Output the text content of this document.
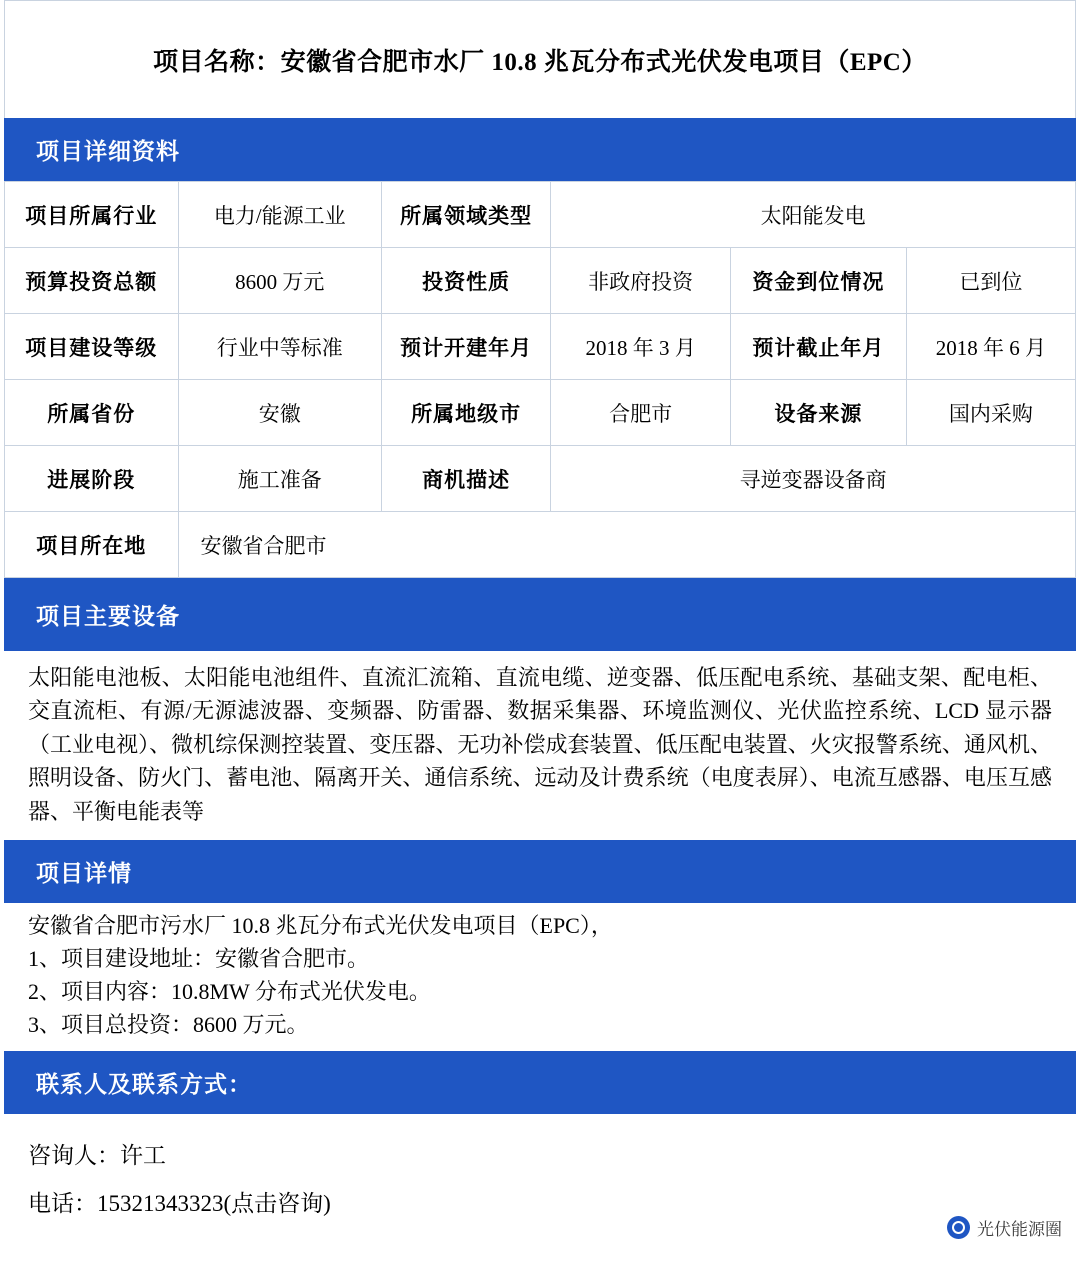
项目名称：安徽省合肥市水厂 10.8 兆瓦分布式光伏发电项目（EPC）
项目详细资料
项目所属行业	电力/能源工业	所属领域类型	太阳能发电		
预算投资总额	8600 万元	投资性质	非政府投资	资金到位情况	已到位
项目建设等级	行业中等标准	预计开建年月	2018 年 3 月	预计截止年月	2018 年 6 月
所属省份	安徽	所属地级市	合肥市	设备来源	国内采购
进展阶段	施工准备	商机描述	寻逆变器设备商		
项目所在地	安徽省合肥市				
项目主要设备
太阳能电池板、太阳能电池组件、直流汇流箱、直流电缆、逆变器、低压配电系统、基础支架、配电柜、交直流柜、有源/无源滤波器、变频器、防雷器、数据采集器、环境监测仪、光伏监控系统、LCD 显示器（工业电视）、微机综保测控装置、变压器、无功补偿成套装置、低压配电装置、火灾报警系统、通风机、照明设备、防火门、蓄电池、隔离开关、通信系统、远动及计费系统（电度表屏）、电流互感器、电压互感器、平衡电能表等
项目详情
安徽省合肥市污水厂 10.8 兆瓦分布式光伏发电项目（EPC），
1、项目建设地址：安徽省合肥市。
2、项目内容：10.8MW 分布式光伏发电。
3、项目总投资：8600 万元。
联系人及联系方式：
咨询人：许工
电话：15321343323(点击咨询)
光伏能源圈
